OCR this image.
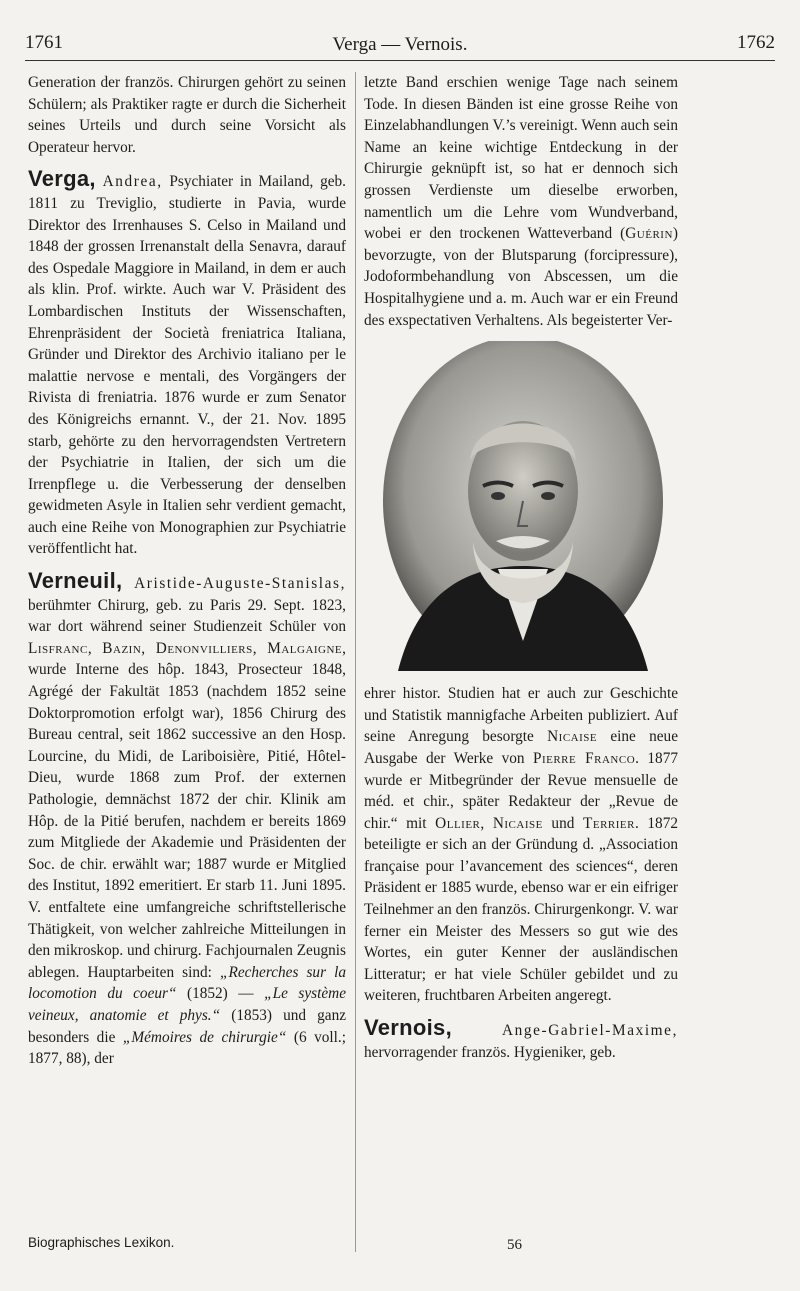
1761	Verga — Vernois.	1762

Generation der französ. Chirurgen gehört zu seinen Schülern; als Praktiker ragte er durch die Sicherheit seines Urteils und durch seine Vorsicht als Operateur hervor.

Verga, Andrea, Psychiater in Mailand, geb. 1811 zu Treviglio, studierte in Pavia, wurde Direktor des Irrenhauses S. Celso in Mailand und 1848 der grossen Irrenanstalt della Senavra, darauf des Ospedale Maggiore in Mailand, in dem er auch als klin. Prof. wirkte. Auch war V. Präsident des Lombardischen Instituts der Wissenschaften, Ehrenpräsident der Società freniatrica Italiana, Gründer und Direktor des Archivio italiano per le malattie nervose e mentali, des Vorgängers der Rivista di freniatria. 1876 wurde er zum Senator des Königreichs ernannt. V., der 21. Nov. 1895 starb, gehörte zu den hervorragendsten Vertretern der Psychiatrie in Italien, der sich um die Irrenpflege u. die Verbesserung der denselben gewidmeten Asyle in Italien sehr verdient gemacht, auch eine Reihe von Monographien zur Psychiatrie veröffentlicht hat.

Verneuil, Aristide-Auguste-Stanislas, berühmter Chirurg, geb. zu Paris 29. Sept. 1823, war dort während seiner Studienzeit Schüler von Lisfranc, Bazin, Denonvilliers, Malgaigne, wurde Interne des hôp. 1843, Prosecteur 1848, Agrégé der Fakultät 1853 (nachdem 1852 seine Doktorpromotion erfolgt war), 1856 Chirurg des Bureau central, seit 1862 successive an den Hosp. Lourcine, du Midi, de Lariboisière, Pitié, Hôtel-Dieu, wurde 1868 zum Prof. der externen Pathologie, demnächst 1872 der chir. Klinik am Hôp. de la Pitié berufen, nachdem er bereits 1869 zum Mitgliede der Akademie und Präsidenten der Soc. de chir. erwählt war; 1887 wurde er Mitglied des Institut, 1892 emeritiert. Er starb 11. Juni 1895. V. entfaltete eine umfangreiche schriftstellerische Thätigkeit, von welcher zahlreiche Mitteilungen in den mikroskop. und chirurg. Fachjournalen Zeugnis ablegen. Hauptarbeiten sind: „Recherches sur la locomotion du coeur“ (1852) — „Le système veineux, anatomie et phys.“ (1853) und ganz besonders die „Mémoires de chirurgie“ (6 voll.; 1877, 88), der

letzte Band erschien wenige Tage nach seinem Tode. In diesen Bänden ist eine grosse Reihe von Einzelabhandlungen V.’s vereinigt. Wenn auch sein Name an keine wichtige Entdeckung in der Chirurgie geknüpft ist, so hat er dennoch sich grossen Verdienste um dieselbe erworben, namentlich um die Lehre vom Wundverband, wobei er den trockenen Watteverband (Guérin) bevorzugte, von der Blutsparung (forcipressure), Jodoformbehandlung von Abscessen, um die Hospitalhygiene und a. m. Auch war er ein Freund des exspectativen Verhaltens. Als begeisterter Ver-

ehrer histor. Studien hat er auch zur Geschichte und Statistik mannigfache Arbeiten publiziert. Auf seine Anregung besorgte Nicaise eine neue Ausgabe der Werke von Pierre Franco. 1877 wurde er Mitbegründer der Revue mensuelle de méd. et chir., später Redakteur der „Revue de chir.“ mit Ollier, Nicaise und Terrier. 1872 beteiligte er sich an der Gründung d. „Association française pour l’avancement des sciences“, deren Präsident er 1885 wurde, ebenso war er ein eifriger Teilnehmer an den französ. Chirurgenkongr. V. war ferner ein Meister des Messers so gut wie des Wortes, ein guter Kenner der ausländischen Litteratur; er hat viele Schüler gebildet und zu weiteren, fruchtbaren Arbeiten angeregt.

Vernois,	Ange-Gabriel-Maxime, hervorragender französ. Hygieniker, geb.

Biographisches Lexikon.	56
